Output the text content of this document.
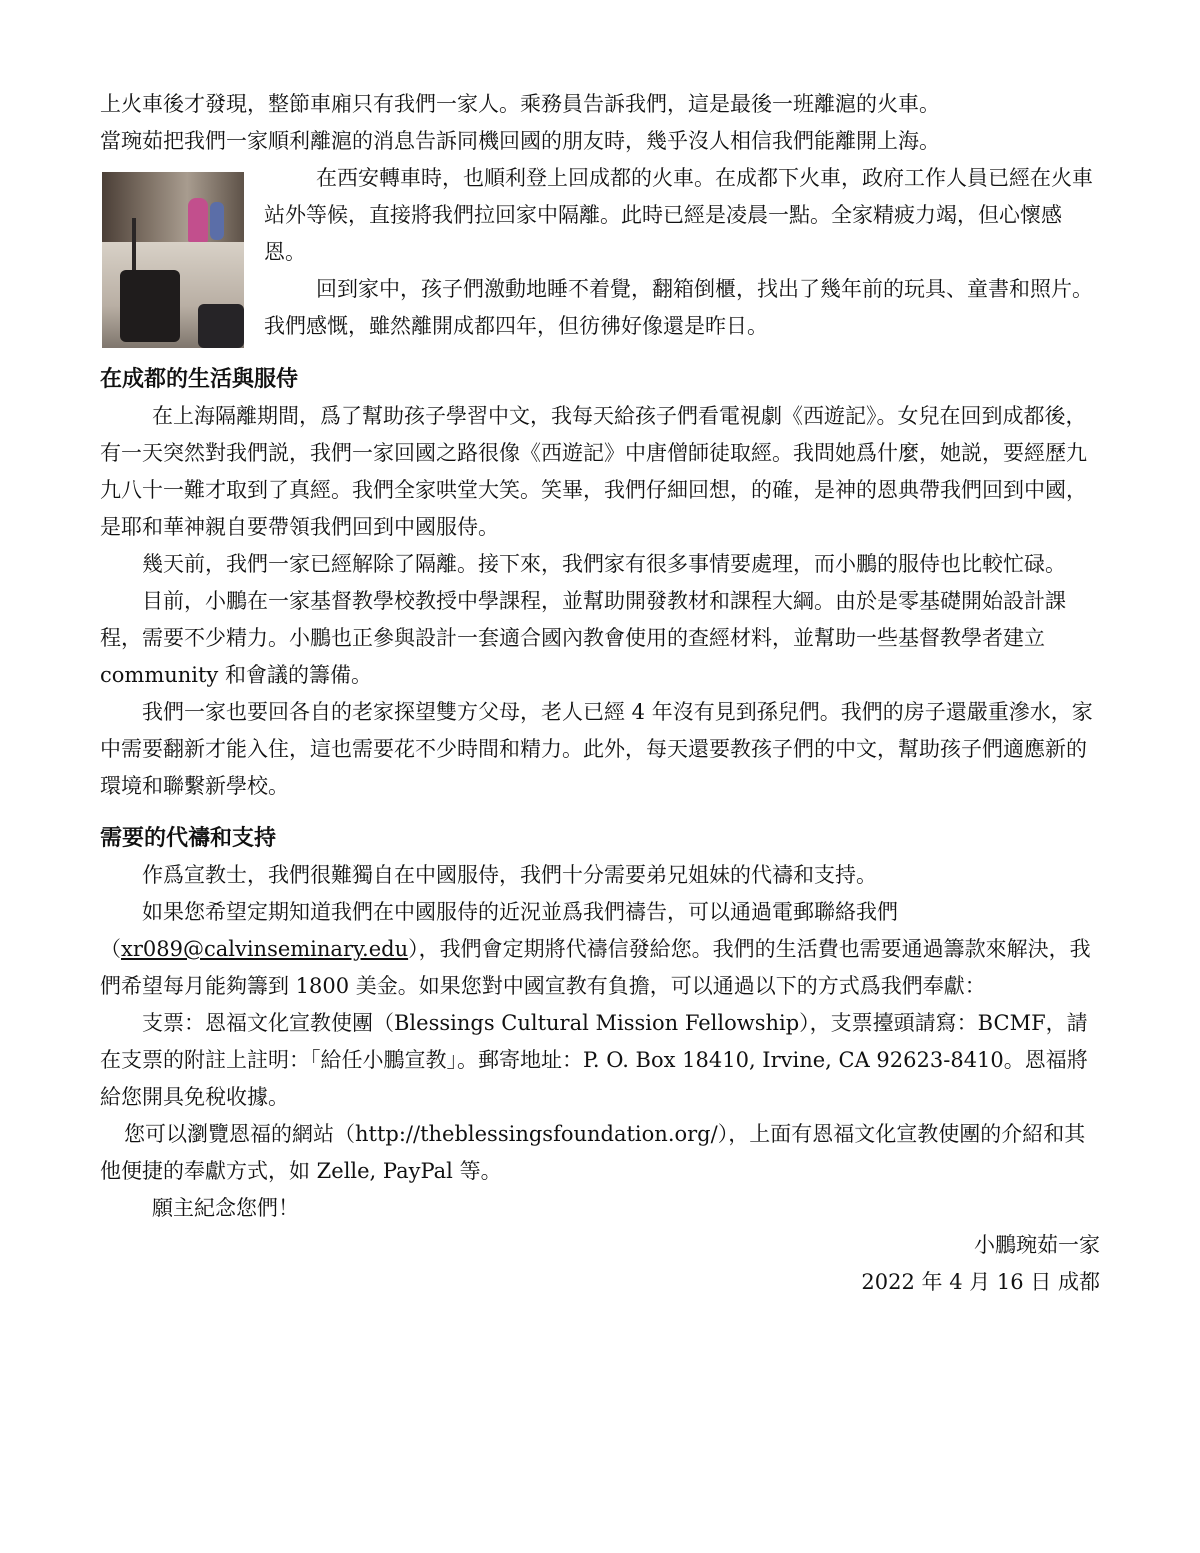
上火車後才發現，整節車廂只有我們一家人。乘務員告訴我們，這是最後一班離滬的火車。

當琬茹把我們一家順利離滬的消息告訴同機回國的朋友時，幾乎沒人相信我們能離開上海。

在西安轉車時，也順利登上回成都的火車。在成都下火車，政府工作人員已經在火車站外等候，直接將我們拉回家中隔離。此時已經是凌晨一點。全家精疲力竭，但心懷感恩。

回到家中，孩子們激動地睡不着覺，翻箱倒櫃，找出了幾年前的玩具、童書和照片。我們感慨，雖然離開成都四年，但彷彿好像還是昨日。

在成都的生活與服侍

在上海隔離期間，爲了幫助孩子學習中文，我每天給孩子們看電視劇《西遊記》。女兒在回到成都後，有一天突然對我們説，我們一家回國之路很像《西遊記》中唐僧師徒取經。我問她爲什麼，她説，要經歷九九八十一難才取到了真經。我們全家哄堂大笑。笑畢，我們仔細回想，的確，是神的恩典帶我們回到中國，是耶和華神親自要帶領我們回到中國服侍。

幾天前，我們一家已經解除了隔離。接下來，我們家有很多事情要處理，而小鵬的服侍也比較忙碌。

目前，小鵬在一家基督教學校教授中學課程，並幫助開發教材和課程大綱。由於是零基礎開始設計課程，需要不少精力。小鵬也正參與設計一套適合國內教會使用的查經材料，並幫助一些基督教學者建立 community 和會議的籌備。

我們一家也要回各自的老家探望雙方父母，老人已經 4 年沒有見到孫兒們。我們的房子還嚴重滲水，家中需要翻新才能入住，這也需要花不少時間和精力。此外，每天還要教孩子們的中文，幫助孩子們適應新的環境和聯繫新學校。

需要的代禱和支持

作爲宣教士，我們很難獨自在中國服侍，我們十分需要弟兄姐妹的代禱和支持。

如果您希望定期知道我們在中國服侍的近況並爲我們禱告，可以通過電郵聯絡我們（xr089@calvinseminary.edu），我們會定期將代禱信發給您。我們的生活費也需要通過籌款來解決，我們希望每月能夠籌到 1800 美金。如果您對中國宣教有負擔，可以通過以下的方式爲我們奉獻：

支票：恩福文化宣教使團（Blessings Cultural Mission Fellowship），支票擡頭請寫：BCMF，請在支票的附註上註明：「給任小鵬宣教」。郵寄地址：P. O. Box 18410, Irvine, CA 92623-8410。恩福將給您開具免稅收據。

您可以瀏覽恩福的網站（http://theblessingsfoundation.org/），上面有恩福文化宣教使團的介紹和其他便捷的奉獻方式，如 Zelle, PayPal 等。

願主紀念您們！

小鵬琬茹一家

2022 年 4 月 16 日 成都
